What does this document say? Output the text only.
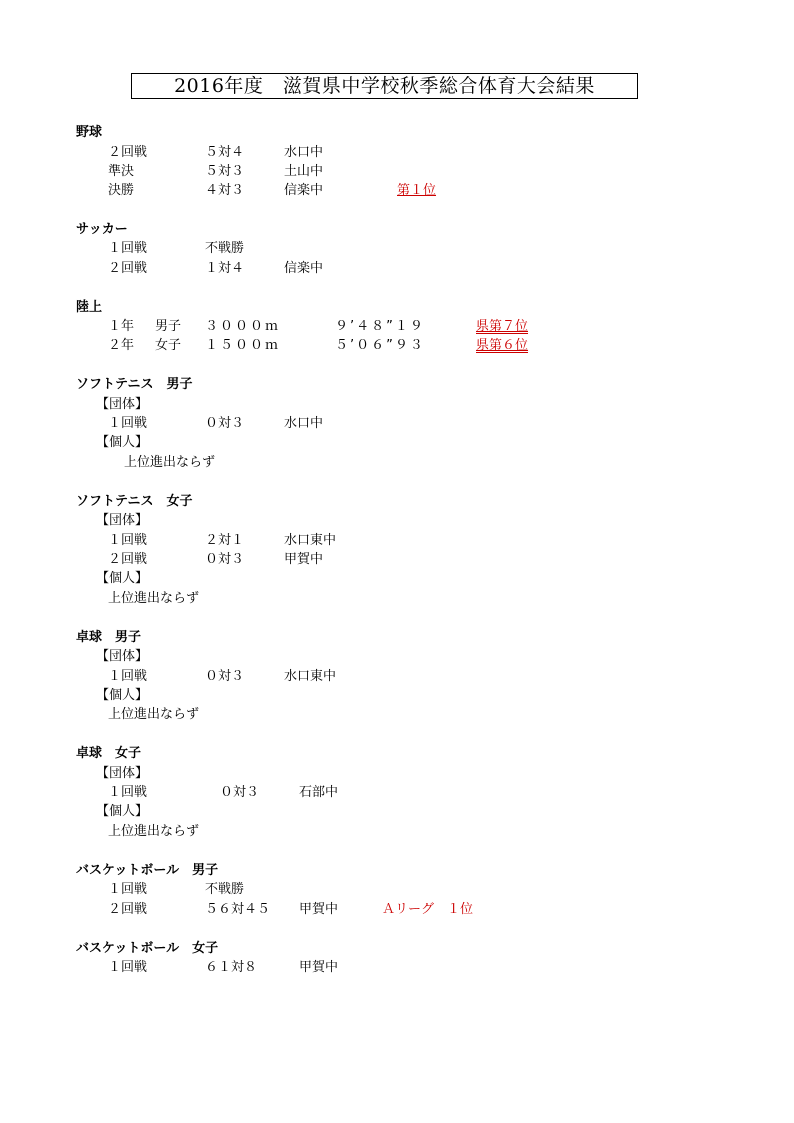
2016年度　滋賀県中学校秋季総合体育大会結果
野球
２回戦	５対４	水口中
準決	５対３	土山中
決勝	４対３	信楽中	第１位
サッカー
１回戦	不戦勝
２回戦	１対４	信楽中
陸上
１年 男子 ３０００ｍ	９’４８”１９	県第７位
２年 女子 １５００ｍ	５’０６”９３	県第６位
ソフトテニス　男子
【団体】
１回戦	０対３	水口中
【個人】
上位進出ならず
ソフトテニス　女子
【団体】
１回戦	２対１	水口東中
２回戦	０対３	甲賀中
【個人】
上位進出ならず
卓球　男子
【団体】
１回戦	０対３	水口東中
【個人】
上位進出ならず
卓球　女子
【団体】
１回戦	０対３	石部中
【個人】
上位進出ならず
バスケットボール　男子
１回戦	不戦勝
２回戦	５６対４５ 甲賀中	Ａリーグ　１位
バスケットボール　女子
１回戦	６１対８	甲賀中
